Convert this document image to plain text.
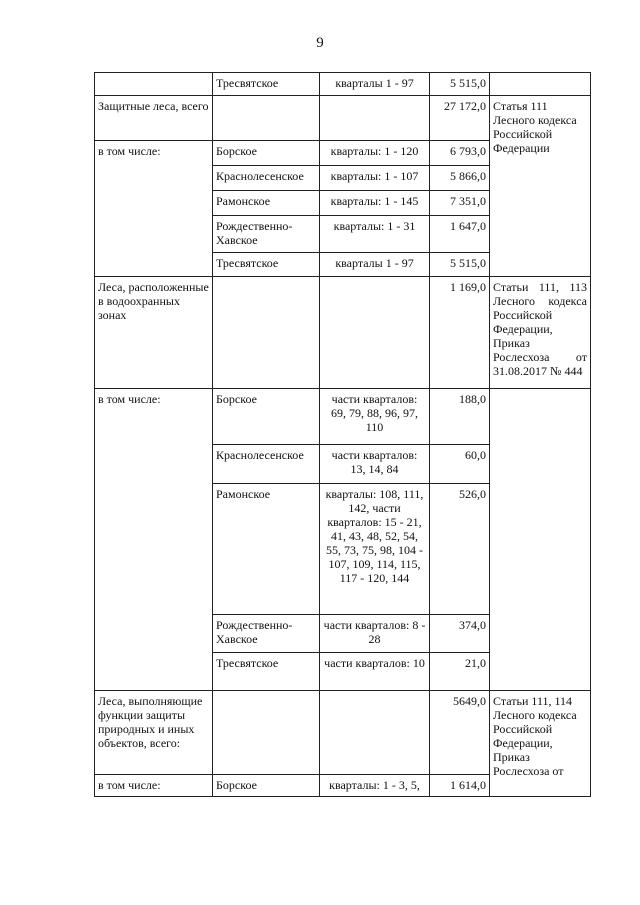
9
	Тресвятское	кварталы 1 - 97	5 515,0	
Защитные леса, всего			27 172,0	Статья 111 Лесного кодекса Российской Федерации
в том числе:	Борское	кварталы: 1 - 120	6 793,0	
	Краснолесенское	кварталы: 1 - 107	5 866,0	
	Рамонское	кварталы: 1 - 145	7 351,0	
	Рождественно-Хавское	кварталы: 1 - 31	1 647,0	
	Тресвятское	кварталы 1 - 97	5 515,0	
Леса, расположенные в водоохранных зонах			1 169,0	Статьи 111, 113 Лесного кодекса Российской Федерации, Приказ Рослесхоза от 31.08.2017 № 444
в том числе:	Борское	части кварталов: 69, 79, 88, 96, 97, 110	188,0	
	Краснолесенское	части кварталов: 13, 14, 84	60,0	
	Рамонское	кварталы: 108, 111, 142, части кварталов: 15 - 21, 41, 43, 48, 52, 54, 55, 73, 75, 98, 104 - 107, 109, 114, 115, 117 - 120, 144	526,0	
	Рождественно-Хавское	части кварталов: 8 - 28	374,0	
	Тресвятское	части кварталов: 10	21,0	
Леса, выполняющие функции защиты природных и иных объектов, всего:			5649,0	Статьи 111, 114 Лесного кодекса Российской Федерации, Приказ Рослесхоза от
в том числе:	Борское	кварталы: 1 - 3, 5,	1 614,0	
